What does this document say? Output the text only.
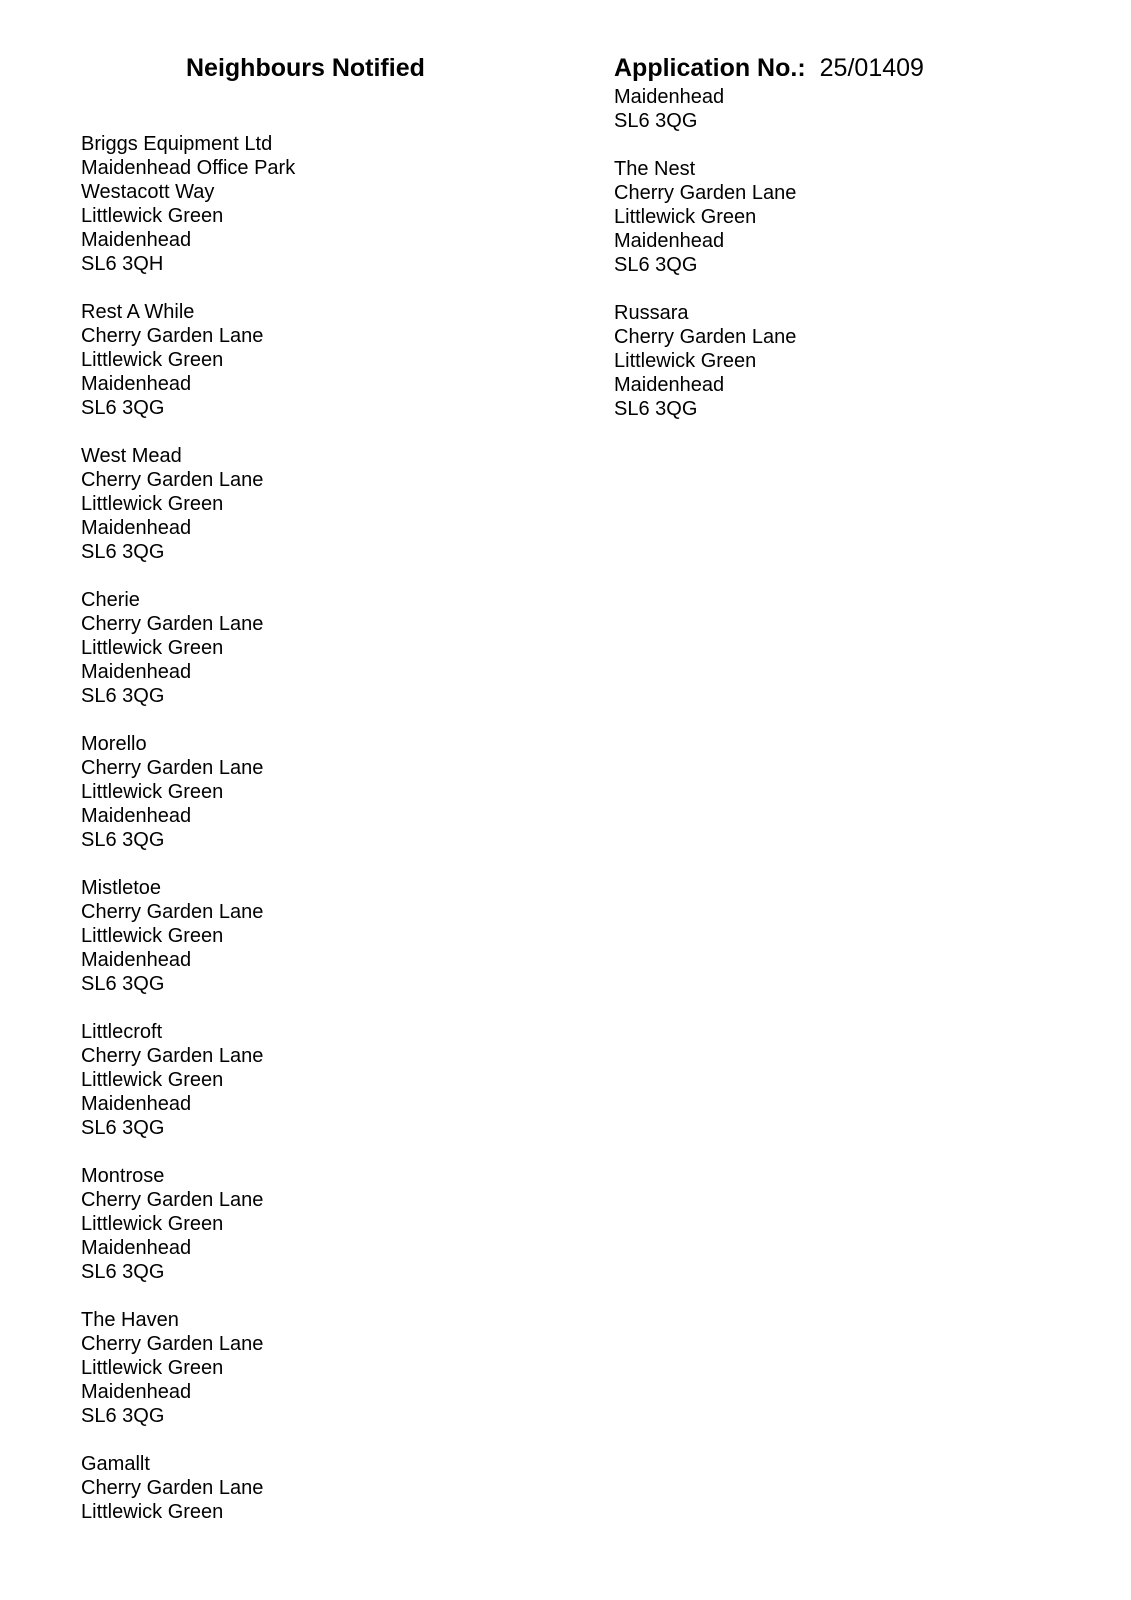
Neighbours Notified	Application No.: 25/01409
Briggs Equipment Ltd
Maidenhead Office Park
Westacott Way
Littlewick Green
Maidenhead
SL6 3QH
Rest A While
Cherry Garden Lane
Littlewick Green
Maidenhead
SL6 3QG
West Mead
Cherry Garden Lane
Littlewick Green
Maidenhead
SL6 3QG
Cherie
Cherry Garden Lane
Littlewick Green
Maidenhead
SL6 3QG
Morello
Cherry Garden Lane
Littlewick Green
Maidenhead
SL6 3QG
Mistletoe
Cherry Garden Lane
Littlewick Green
Maidenhead
SL6 3QG
Littlecroft
Cherry Garden Lane
Littlewick Green
Maidenhead
SL6 3QG
Montrose
Cherry Garden Lane
Littlewick Green
Maidenhead
SL6 3QG
The Haven
Cherry Garden Lane
Littlewick Green
Maidenhead
SL6 3QG
Gamallt
Cherry Garden Lane
Littlewick Green
Maidenhead
SL6 3QG
The Nest
Cherry Garden Lane
Littlewick Green
Maidenhead
SL6 3QG
Russara
Cherry Garden Lane
Littlewick Green
Maidenhead
SL6 3QG
